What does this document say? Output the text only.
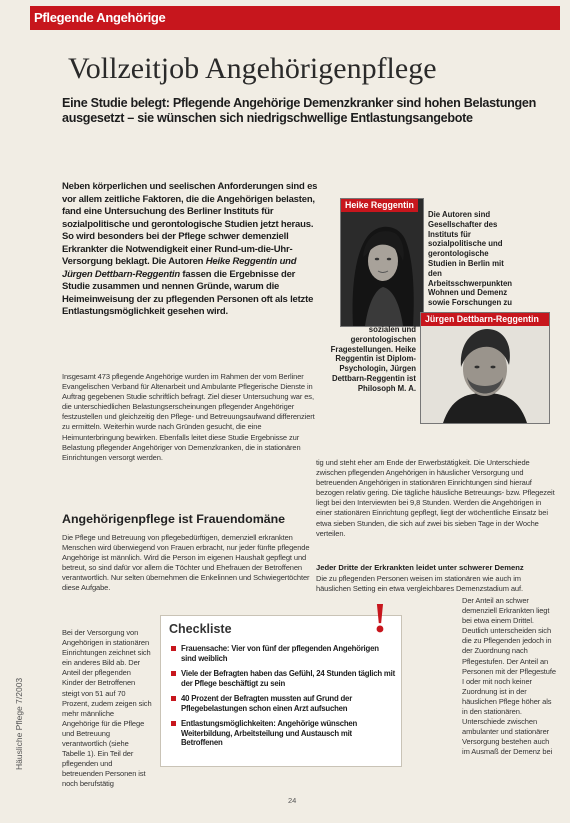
Pflegende Angehörige
Vollzeitjob Angehörigenpflege
Eine Studie belegt: Pflegende Angehörige Demenzkranker sind hohen Belastungen ausgesetzt – sie wünschen sich niedrigschwellige Entlastungsangebote
Neben körperlichen und seelischen Anforderungen sind es vor allem zeitliche Faktoren, die die Angehörigen belasten, fand eine Untersuchung des Berliner Instituts für sozialpolitische und gerontologische Studien jetzt heraus. So wird besonders bei der Pflege schwer demenziell Erkrankter die Notwendigkeit einer Rund-um-die-Uhr-Versorgung beklagt. Die Autoren Heike Reggentin und Jürgen Dettbarn-Reggentin fassen die Ergebnisse der Studie zusammen und nennen Gründe, warum die Heimeinweisung der zu pflegenden Personen oft als letzte Entlastungsmöglichkeit gesehen wird.
Insgesamt 473 pflegende Angehörige wurden im Rahmen der vom Berliner Evangelischen Verband für Altenarbeit und Ambulante Pflegerische Dienste in Auftrag gegebenen Studie schriftlich befragt. Ziel dieser Untersuchung war es, die unterschiedlichen Belastungserscheinungen pflegender Angehöriger festzustellen und gleichzeitig den Pflege- und Betreuungsaufwand differenziert zu ermitteln. Weiterhin wurde nach Gründen gesucht, die eine Heimunterbringung bewirken. Ebenfalls leitet diese Studie Ergebnisse zur Belastung pflegender Angehöriger von Demenzkranken, die in stationären Einrichtungen versorgt werden.
Angehörigenpflege ist Frauendomäne
Die Pflege und Betreuung von pflegebedürftigen, demenziell erkrankten Menschen wird überwiegend von Frauen erbracht, nur jeder fünfte pflegende Angehörige ist männlich. Wird die Person im eigenen Haushalt gepflegt und betreut, so sind dafür vor allem die Töchter und Ehefrauen der Betroffenen verantwortlich. Nur selten übernehmen die Enkelinnen und Schwiegertöchter diese Aufgabe.
Bei der Versorgung von Angehörigen in stationären Einrichtungen zeichnet sich ein anderes Bild ab. Der Anteil der pflegenden Kinder der Betroffenen steigt von 51 auf 70 Prozent, zudem zeigen sich mehr männliche Angehörige für die Pflege und Betreuung verantwortlich (siehe Tabelle 1). Ein Teil der pflegenden und betreuenden Personen ist noch berufstätig
Heike Reggentin
Die Autoren sind Gesellschafter des Instituts für sozialpolitische und gerontologische Studien in Berlin mit den Arbeitsschwerpunkten Wohnen und Demenz sowie Forschungen zu
Jürgen Dettbarn-Reggentin
sozialen und gerontologischen Fragestellungen. Heike Reggentin ist Diplom-Psychologin, Jürgen Dettbarn-Reggentin ist Philosoph M. A.
tig und steht eher am Ende der Erwerbstätigkeit. Die Unterschiede zwischen pflegenden Angehörigen in häuslicher Versorgung und betreuenden Angehörigen in stationären Einrichtungen sind hierauf bezogen relativ gering. Die tägliche häusliche Betreuungs- bzw. Pflegezeit liegt bei den Interviewten bei 9,8 Stunden. Werden die Angehörigen in einer stationären Einrichtung gepflegt, liegt der wöchentliche Einsatz bei etwa sieben Stunden, die sich auf zwei bis sieben Tage in der Woche verteilen.
Jeder Dritte der Erkrankten leidet unter schwerer Demenz
Die zu pflegenden Personen weisen im stationären wie auch im häuslichen Setting ein etwa vergleichbares Demenzstadium auf.
Der Anteil an schwer demenziell Erkrankten liegt bei etwa einem Drittel. Deutlich unterscheiden sich die zu Pflegenden jedoch in der Zuordnung nach Pflegestufen. Der Anteil an Personen mit der Pflegestufe I oder mit noch keiner Zuordnung ist in der häuslichen Pflege höher als in den stationären. Unterschiede zwischen ambulanter und stationärer Versorgung bestehen auch im Ausmaß der Demenz bei
!
Checkliste
Frauensache: Vier von fünf der pflegenden Angehörigen sind weiblich
Viele der Befragten haben das Gefühl, 24 Stunden täglich mit der Pflege beschäftigt zu sein
40 Prozent der Befragten mussten auf Grund der Pflegebelastungen schon einen Arzt aufsuchen
Entlastungsmöglichkeiten: Angehörige wünschen Weiterbildung, Arbeitsteilung und Austausch mit Betroffenen
Häusliche Pflege 7/2003
24
